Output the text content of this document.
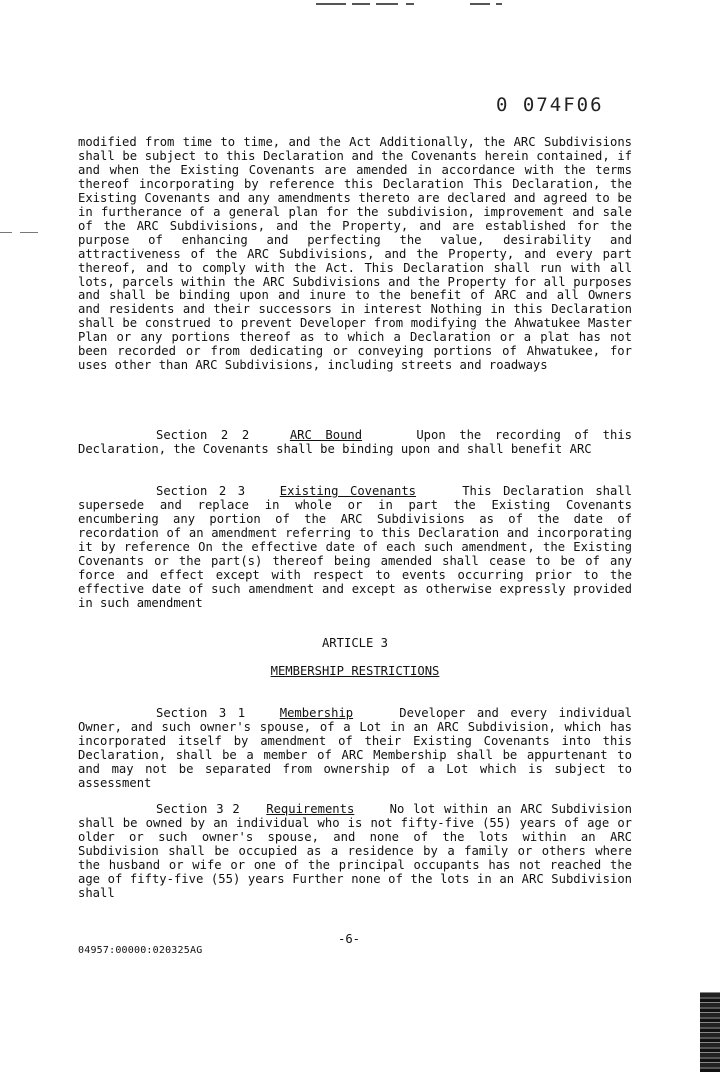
0 074F06
modified from time to time, and the Act Additionally, the ARC Subdivisions shall be subject to this Declaration and the Covenants herein contained, if and when the Existing Covenants are amended in accordance with the terms thereof incorporating by reference this Declaration This Declaration, the Existing Covenants and any amendments thereto are declared and agreed to be in furtherance of a general plan for the subdivision, improvement and sale of the ARC Subdivisions, and the Property, and are established for the purpose of enhancing and perfecting the value, desirability and attractiveness of the ARC Subdivisions, and the Property, and every part thereof, and to comply with the Act. This Declaration shall run with all lots, parcels within the ARC Subdivisions and the Property for all purposes and shall be binding upon and inure to the benefit of ARC and all Owners and residents and their successors in interest Nothing in this Declaration shall be construed to prevent Developer from modifying the Ahwatukee Master Plan or any portions thereof as to which a Declaration or a plat has not been recorded or from dedicating or conveying portions of Ahwatukee, for uses other than ARC Subdivisions, including streets and roadways
Section 2 2	ARC Bound	Upon the recording of this Declaration, the Covenants shall be binding upon and shall benefit ARC
Section 2 3	Existing Covenants	This Declaration shall supersede and replace in whole or in part the Existing Covenants encumbering any portion of the ARC Subdivisions as of the date of recordation of an amendment referring to this Declaration and incorporating it by reference On the effective date of each such amendment, the Existing Covenants or the part(s) thereof being amended shall cease to be of any force and effect except with respect to events occurring prior to the effective date of such amendment and except as otherwise expressly provided in such amendment
ARTICLE 3
MEMBERSHIP RESTRICTIONS
Section 3 1	Membership	Developer and every individual Owner, and such owner's spouse, of a Lot in an ARC Subdivision, which has incorporated itself by amendment of their Existing Covenants into this Declaration, shall be a member of ARC Membership shall be appurtenant to and may not be separated from ownership of a Lot which is subject to assessment
Section 3 2 Requirements	No lot within an ARC Subdivision shall be owned by an individual who is not fifty-five (55) years of age or older or such owner's spouse, and none of the lots within an ARC Subdivision shall be occupied as a residence by a family or others where the husband or wife or one of the principal occupants has not reached the age of fifty-five (55) years Further none of the lots in an ARC Subdivision shall
-6-
04957:00000:020325AG
